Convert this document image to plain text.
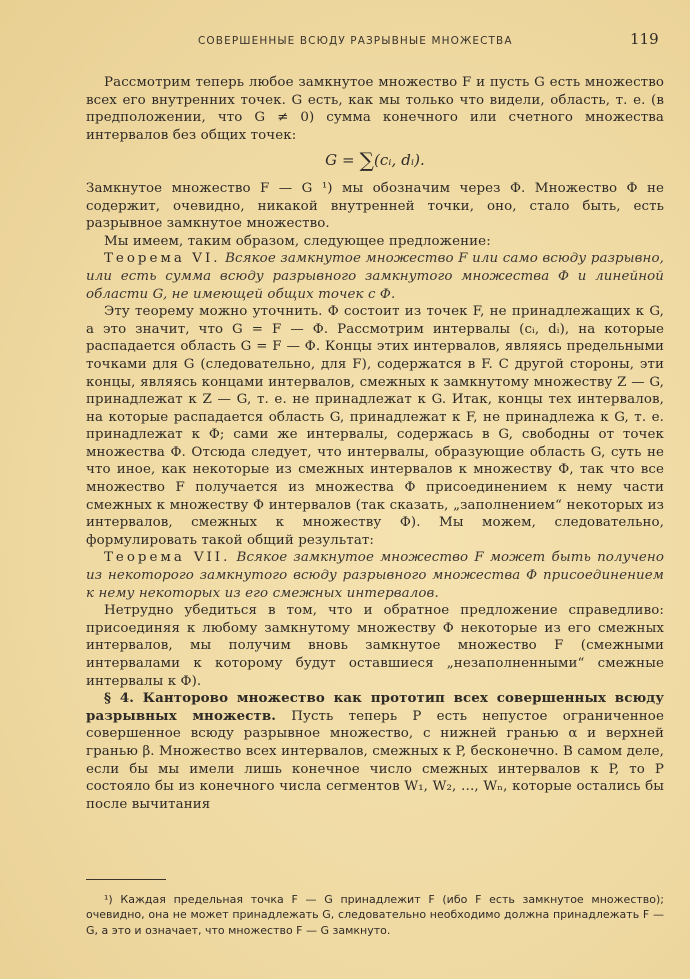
СОВЕРШЕННЫЕ ВСЮДУ РАЗРЫВНЫЕ МНОЖЕСТВА	119

Рассмотрим теперь любое замкнутое множество F и пусть G есть множество всех его внутренних точек. G есть, как мы только что видели, область, т. е. (в предположении, что G ≠ 0) сумма конечного или счетного множества интервалов без общих точек:

G = ∑(cᵢ, dᵢ).

Замкнутое множество F — G ¹) мы обозначим через Φ. Множество Φ не содержит, очевидно, никакой внутренней точки, оно, стало быть, есть разрывное замкнутое множество.

Мы имеем, таким образом, следующее предложение:

Теорема VI. Всякое замкнутое множество F или само всюду разрывно, или есть сумма всюду разрывного замкнутого множества Φ и линейной области G, не имеющей общих точек с Φ.

Эту теорему можно уточнить. Φ состоит из точек F, не принадлежащих к G, а это значит, что G = F — Φ. Рассмотрим интервалы (cᵢ, dᵢ), на которые распадается область G = F — Φ. Концы этих интервалов, являясь предельными точками для G (следовательно, для F), содержатся в F. С другой стороны, эти концы, являясь концами интервалов, смежных к замкнутому множеству Z — G, принадлежат к Z — G, т. е. не принадлежат к G. Итак, концы тех интервалов, на которые распадается область G, принадлежат к F, не принадлежа к G, т. е. принадлежат к Φ; сами же интервалы, содержась в G, свободны от точек множества Φ. Отсюда следует, что интервалы, образующие область G, суть не что иное, как некоторые из смежных интервалов к множеству Φ, так что все множество F получается из множества Φ присоединением к нему части смежных к множеству Φ интервалов (так сказать, „заполнением“ некоторых из интервалов, смежных к множеству Φ). Мы можем, следовательно, формулировать такой общий результат:

Теорема VII. Всякое замкнутое множество F может быть получено из некоторого замкнутого всюду разрывного множества Φ присоединением к нему некоторых из его смежных интервалов.

Нетрудно убедиться в том, что и обратное предложение справедливо: присоединяя к любому замкнутому множеству Φ некоторые из его смежных интервалов, мы получим вновь замкнутое множество F (смежными интервалами к которому будут оставшиеся „незаполненными“ смежные интервалы к Φ).

§ 4. Канторово множество как прототип всех совершенных всюду разрывных множеств. Пусть теперь P есть непустое ограниченное совершенное всюду разрывное множество, с нижней гранью α и верхней гранью β. Множество всех интервалов, смежных к P, бесконечно. В самом деле, если бы мы имели лишь конечное число смежных интервалов к P, то P состояло бы из конечного числа сегментов W₁, W₂, …, Wₙ, которые остались бы после вычитания

¹) Каждая предельная точка F — G принадлежит F (ибо F есть замкнутое множество); очевидно, она не может принадлежать G, следовательно необходимо должна принадлежать F — G, а это и означает, что множество F — G замкнуто.
